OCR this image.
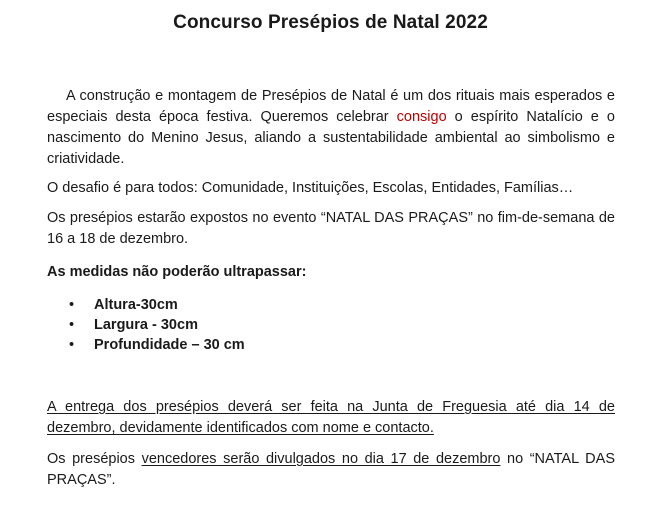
Concurso Presépios de Natal 2022

A construção e montagem de Presépios de Natal é um dos rituais mais esperados e especiais desta época festiva. Queremos celebrar consigo o espírito Natalício e o nascimento do Menino Jesus, aliando a sustentabilidade ambiental ao simbolismo e criatividade.

O desafio é para todos: Comunidade, Instituições, Escolas, Entidades, Famílias…

Os presépios estarão expostos no evento “NATAL DAS PRAÇAS” no fim-de-semana de 16 a 18 de dezembro.

As medidas não poderão ultrapassar:

• Altura-30cm
• Largura - 30cm
• Profundidade – 30 cm

A entrega dos presépios deverá ser feita na Junta de Freguesia até dia 14 de dezembro, devidamente identificados com nome e contacto.

Os presépios vencedores serão divulgados no dia 17 de dezembro no “NATAL DAS PRAÇAS”.
